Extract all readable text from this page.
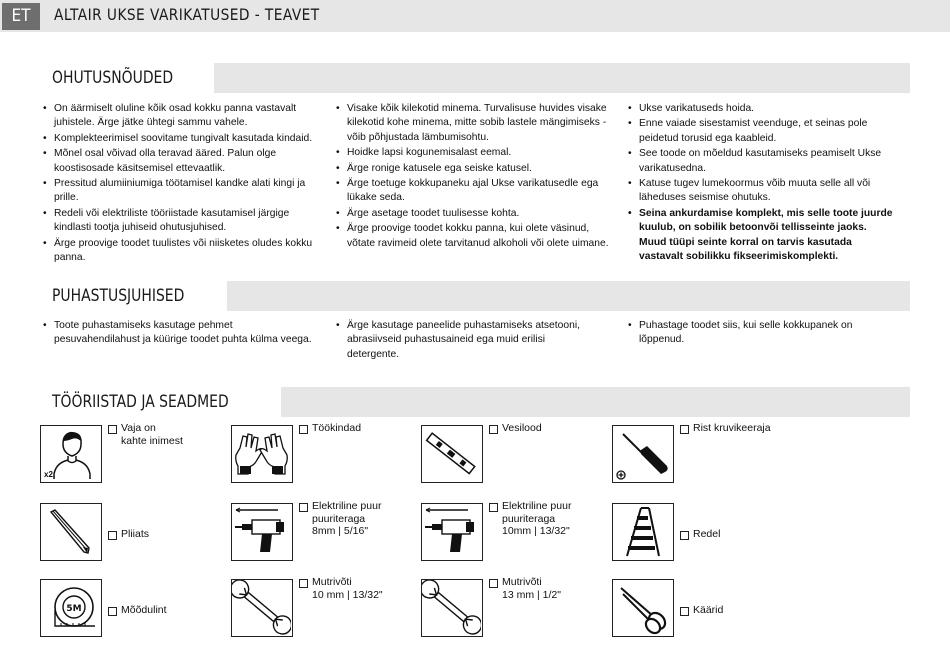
ET	ALTAIR UKSE VARIKATUSED - TEAVET
OHUTUSNÕUDED
• On äärmiselt oluline kõik osad kokku panna vastavalt juhistele. Ärge jätke ühtegi sammu vahele.
• Komplekteerimisel soovitame tungivalt kasutada kindaid.
• Mõnel osal võivad olla teravad ääred. Palun olge koostisosade käsitsemisel ettevaatlik.
• Pressitud alumiiniumiga töötamisel kandke alati kingi ja prille.
• Redeli või elektriliste tööriistade kasutamisel järgige kindlasti tootja juhiseid ohutusjuhised.
• Ärge proovige toodet tuulistes või niisketes oludes kokku panna.
• Visake kõik kilekotid minema. Turvalisuse huvides visake kilekotid kohe minema, mitte sobib lastele mängimiseks - võib põhjustada lämbumisohtu.
• Hoidke lapsi kogunemisalast eemal.
• Ärge ronige katusele ega seiske katusel.
• Ärge toetuge kokkupaneku ajal Ukse varikatusedle ega lükake seda.
• Ärge asetage toodet tuulisesse kohta.
• Ärge proovige toodet kokku panna, kui olete väsinud, võtate ravimeid olete tarvitanud alkoholi või olete uimane.
• Ukse varikatuseds hoida.
• Enne vaiade sisestamist veenduge, et seinas pole peidetud torusid ega kaableid.
• See toode on mõeldud kasutamiseks peamiselt Ukse varikatusedna.
• Katuse tugev lumekoormus võib muuta selle all või läheduses seismise ohutuks.
• Seina ankurdamise komplekt, mis selle toote juurde kuulub, on sobilik betoonvõi tellisseinte jaoks. Muud tüüpi seinte korral on tarvis kasutada vastavalt sobilikku fikseerimiskomplekti.
PUHASTUSJUHISED
• Toote puhastamiseks kasutage pehmet pesuvahendilahust ja küürige toodet puhta külma veega.
• Ärge kasutage paneelide puhastamiseks atsetooni, abrasiivseid puhastusaineid ega muid erilisi detergente.
• Puhastage toodet siis, kui selle kokkupanek on lõppenud.
TÖÖRIISTAD JA SEADMED
x2
Vaja on
kahte inimest
Töökindad	Vesilood	Rist kruvikeeraja
Pliiats
Elektriline puur
puuriteraga
8mm | 5/16"
Elektriline puur
puuriteraga
10mm | 13/32"	Redel
5M	Mõõdulint
Mutrivõti
10 mm | 13/32"
Mutrivõti
13 mm | 1/2"
Käärid
